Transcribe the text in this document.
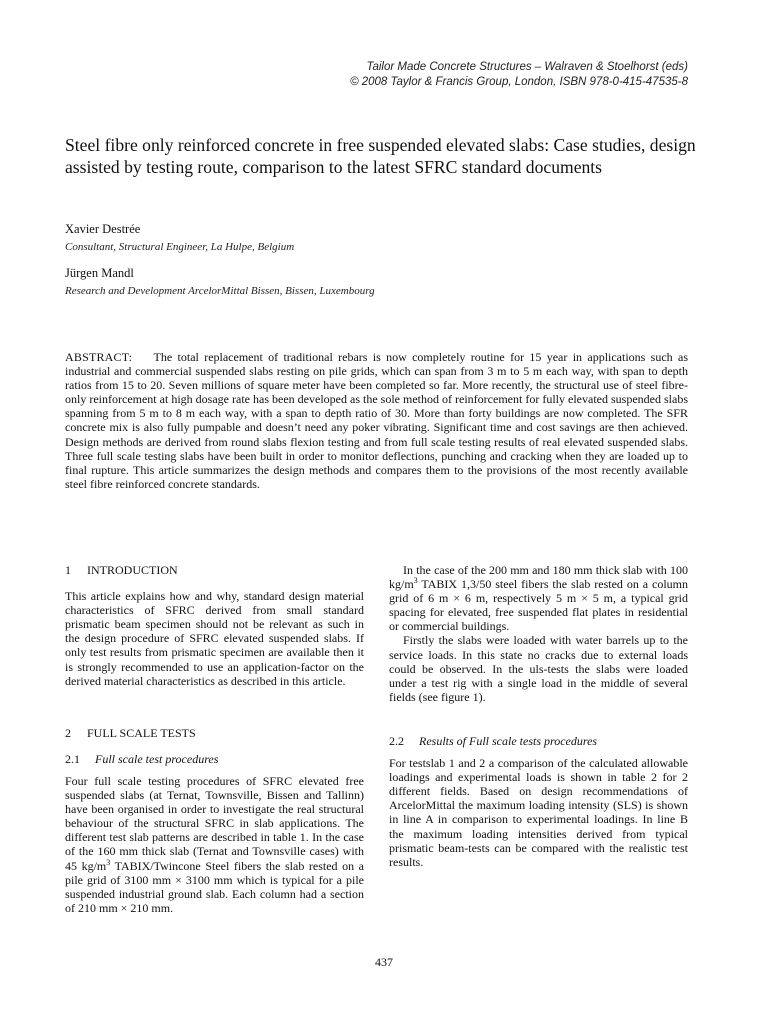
Tailor Made Concrete Structures – Walraven & Stoelhorst (eds)
© 2008 Taylor & Francis Group, London, ISBN 978-0-415-47535-8
Steel fibre only reinforced concrete in free suspended elevated slabs: Case studies, design assisted by testing route, comparison to the latest SFRC standard documents
Xavier Destrée
Consultant, Structural Engineer, La Hulpe, Belgium
Jürgen Mandl
Research and Development ArcelorMittal Bissen, Bissen, Luxembourg

ABSTRACT: The total replacement of traditional rebars is now completely routine for 15 year in applications such as industrial and commercial suspended slabs resting on pile grids, which can span from 3 m to 5 m each way, with span to depth ratios from 15 to 20. Seven millions of square meter have been completed so far. More recently, the structural use of steel fibre-only reinforcement at high dosage rate has been developed as the sole method of reinforcement for fully elevated suspended slabs spanning from 5 m to 8 m each way, with a span to depth ratio of 30. More than forty buildings are now completed. The SFR concrete mix is also fully pumpable and doesn’t need any poker vibrating. Significant time and cost savings are then achieved. Design methods are derived from round slabs flexion testing and from full scale testing results of real elevated suspended slabs. Three full scale testing slabs have been built in order to monitor deflections, punching and cracking when they are loaded up to final rupture. This article summarizes the design methods and compares them to the provisions of the most recently available steel fibre reinforced concrete standards.

1 INTRODUCTION

This article explains how and why, standard design material characteristics of SFRC derived from small standard prismatic beam specimen should not be relevant as such in the design procedure of SFRC elevated suspended slabs. If only test results from prismatic specimen are available then it is strongly recommended to use an application-factor on the derived material characteristics as described in this article.

2 FULL SCALE TESTS
2.1 Full scale test procedures

Four full scale testing procedures of SFRC elevated free suspended slabs (at Ternat, Townsville, Bissen and Tallinn) have been organised in order to investigate the real structural behaviour of the structural SFRC in slab applications. The different test slab patterns are described in table 1. In the case of the 160 mm thick slab (Ternat and Townsville cases) with 45 $kg/m^3$ TABIX/Twincone Steel fibers the slab rested on a pile grid of 3100 mm × 3100 mm which is typical for a pile suspended industrial ground slab. Each column had a section of 210 mm × 210 mm.

In the case of the 200 mm and 180 mm thick slab with 100 $kg/m^3$ TABIX 1,3/50 steel fibers the slab rested on a column grid of 6 m × 6 m, respectively 5 m × 5 m, a typical grid spacing for elevated, free suspended flat plates in residential or commercial buildings.

Firstly the slabs were loaded with water barrels up to the service loads. In this state no cracks due to external loads could be observed. In the uls-tests the slabs were loaded under a test rig with a single load in the middle of several fields (see figure 1).

2.2 Results of Full scale tests procedures

For testslab 1 and 2 a comparison of the calculated allowable loadings and experimental loads is shown in table 2 for 2 different fields. Based on design recommendations of ArcelorMittal the maximum loading intensity (SLS) is shown in line A in comparison to experimental loadings. In line B the maximum loading intensities derived from typical prismatic beam-tests can be compared with the realistic test results.

437
